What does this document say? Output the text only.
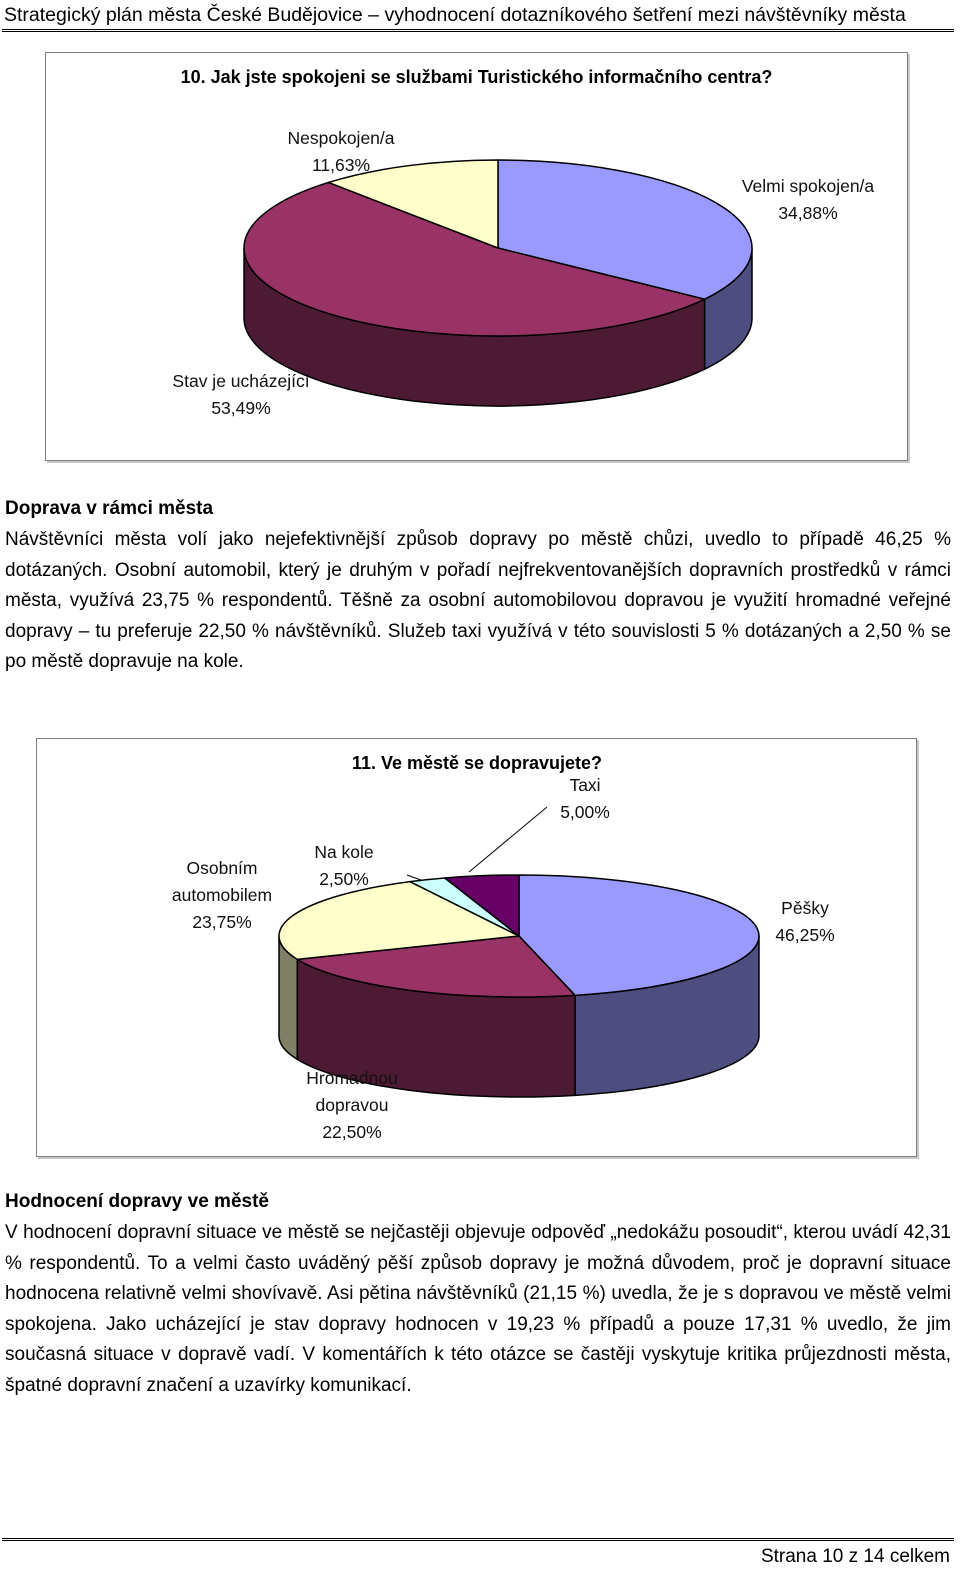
Strategický plán města České Budějovice – vyhodnocení dotazníkového šetření mezi návštěvníky města
10. Jak jste spokojeni se službami Turistického informačního centra?
Nespokojen/a
11,63%
Velmi spokojen/a
34,88%
Stav je ucházející
53,49%
Doprava v rámci města
Návštěvníci města volí jako nejefektivnější způsob dopravy po městě chůzi, uvedlo to případě 46,25 % dotázaných. Osobní automobil, který je druhým v pořadí nejfrekventovanějších dopravních prostředků v rámci města, využívá 23,75 % respondentů. Těšně za osobní automobilovou dopravou je využití hromadné veřejné dopravy – tu preferuje 22,50 % návštěvníků. Služeb taxi využívá v této souvislosti 5 % dotázaných a 2,50 % se po městě dopravuje na kole.
11. Ve městě se dopravujete?
Taxi
5,00%
Na kole
2,50%
Osobním
automobilem
23,75%
Pěšky
46,25%
Hromadnou
dopravou
22,50%
Hodnocení dopravy ve městě
V hodnocení dopravní situace ve městě se nejčastěji objevuje odpověď „nedokážu posoudit“, kterou uvádí 42,31 % respondentů. To a velmi často uváděný pěší způsob dopravy je možná důvodem, proč je dopravní situace hodnocena relativně velmi shovívavě. Asi pětina návštěvníků (21,15 %) uvedla, že je s dopravou ve městě velmi spokojena. Jako ucházející je stav dopravy hodnocen v 19,23 % případů a pouze 17,31 % uvedlo, že jim současná situace v dopravě vadí. V komentářích k této otázce se častěji vyskytuje kritika průjezdnosti města, špatné dopravní značení a uzavírky komunikací.
Strana 10 z 14 celkem
